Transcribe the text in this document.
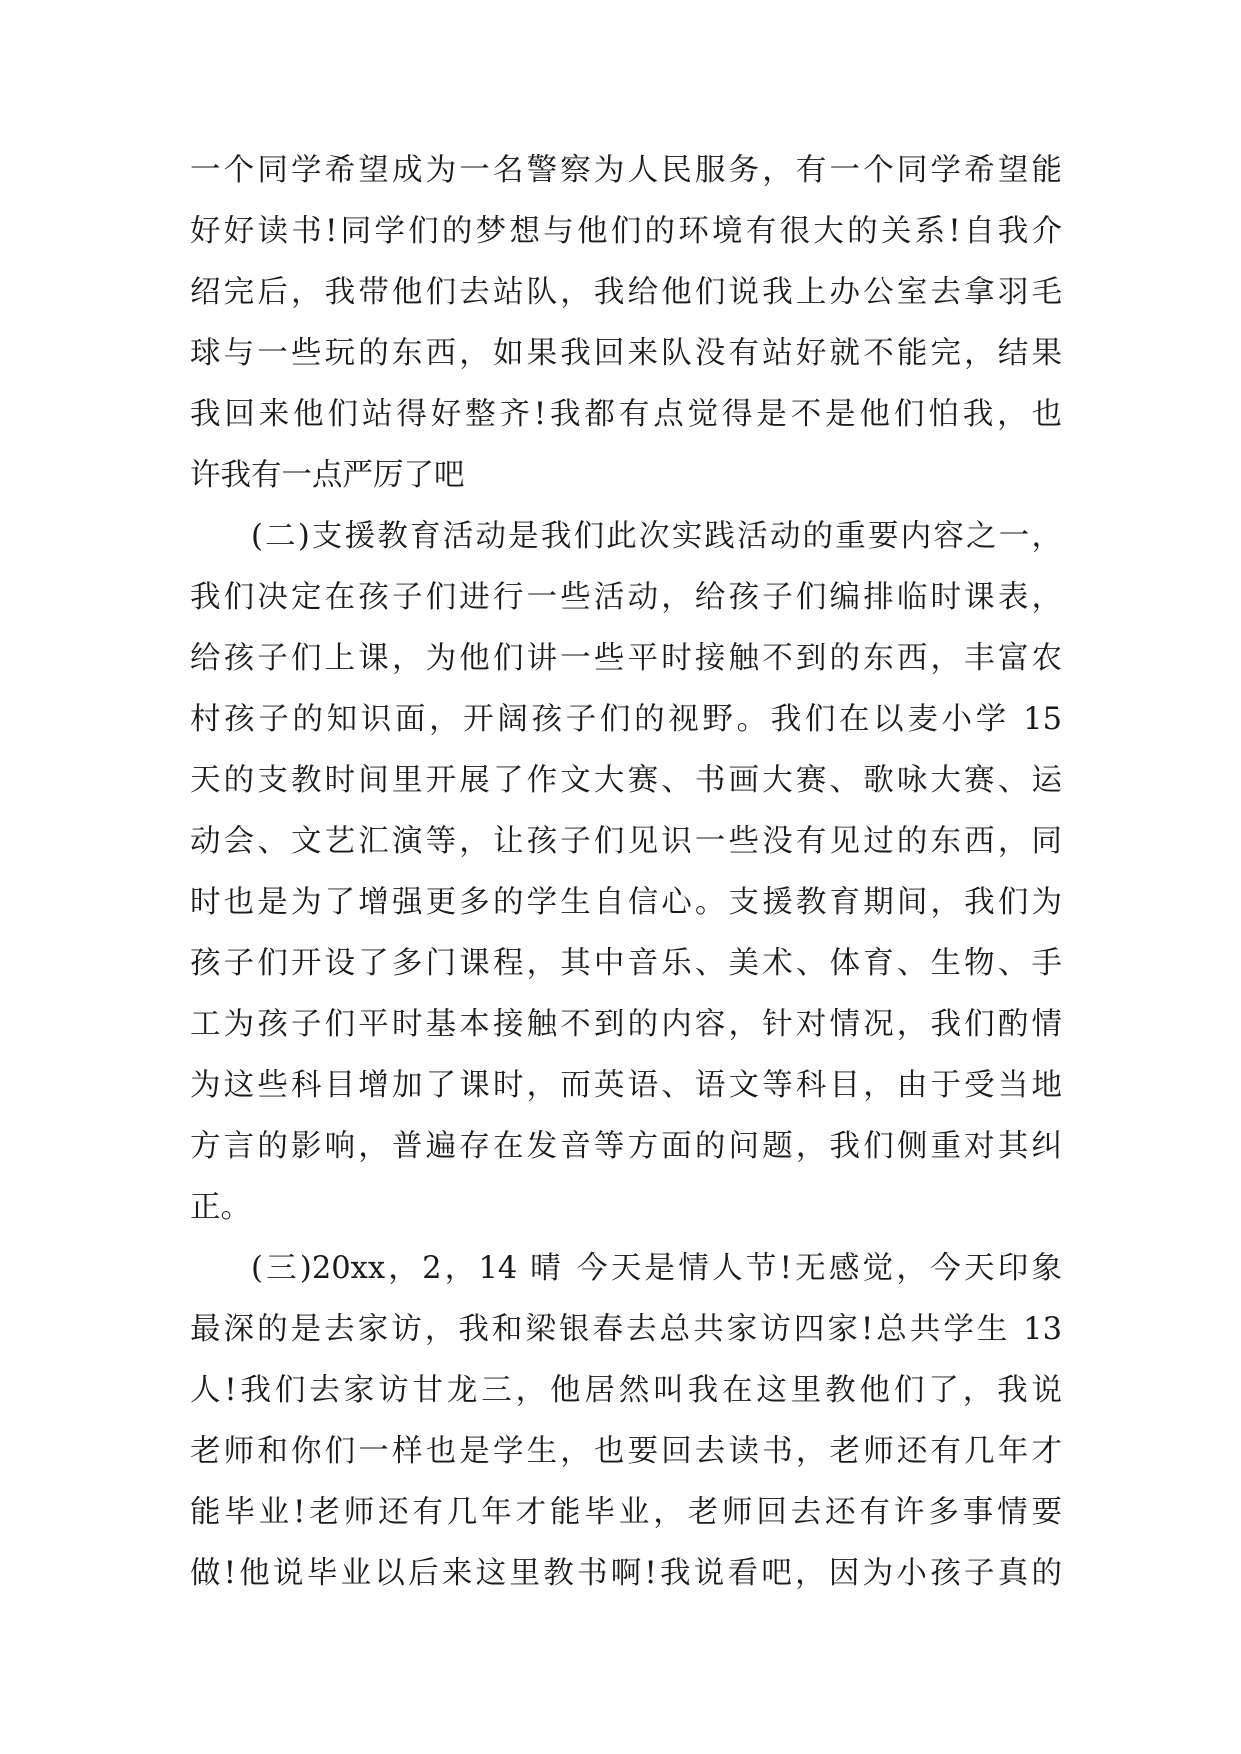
一个同学希望成为一名警察为人民服务，有一个同学希望能
好好读书!同学们的梦想与他们的环境有很大的关系!自我介
绍完后，我带他们去站队，我给他们说我上办公室去拿羽毛
球与一些玩的东西，如果我回来队没有站好就不能完，结果
我回来他们站得好整齐!我都有点觉得是不是他们怕我，也
许我有一点严厉了吧
(二)支援教育活动是我们此次实践活动的重要内容之一，
我们决定在孩子们进行一些活动，给孩子们编排临时课表，
给孩子们上课，为他们讲一些平时接触不到的东西，丰富农
村孩子的知识面，开阔孩子们的视野。我们在以麦小学 15
天的支教时间里开展了作文大赛、书画大赛、歌咏大赛、运
动会、文艺汇演等，让孩子们见识一些没有见过的东西，同
时也是为了增强更多的学生自信心。支援教育期间，我们为
孩子们开设了多门课程，其中音乐、美术、体育、生物、手
工为孩子们平时基本接触不到的内容，针对情况，我们酌情
为这些科目增加了课时，而英语、语文等科目，由于受当地
方言的影响，普遍存在发音等方面的问题，我们侧重对其纠
正。
(三)20xx，2，14 晴 今天是情人节!无感觉，今天印象
最深的是去家访，我和梁银春去总共家访四家!总共学生 13
人!我们去家访甘龙三，他居然叫我在这里教他们了，我说
老师和你们一样也是学生，也要回去读书，老师还有几年才
能毕业!老师还有几年才能毕业，老师回去还有许多事情要
做!他说毕业以后来这里教书啊!我说看吧，因为小孩子真的
